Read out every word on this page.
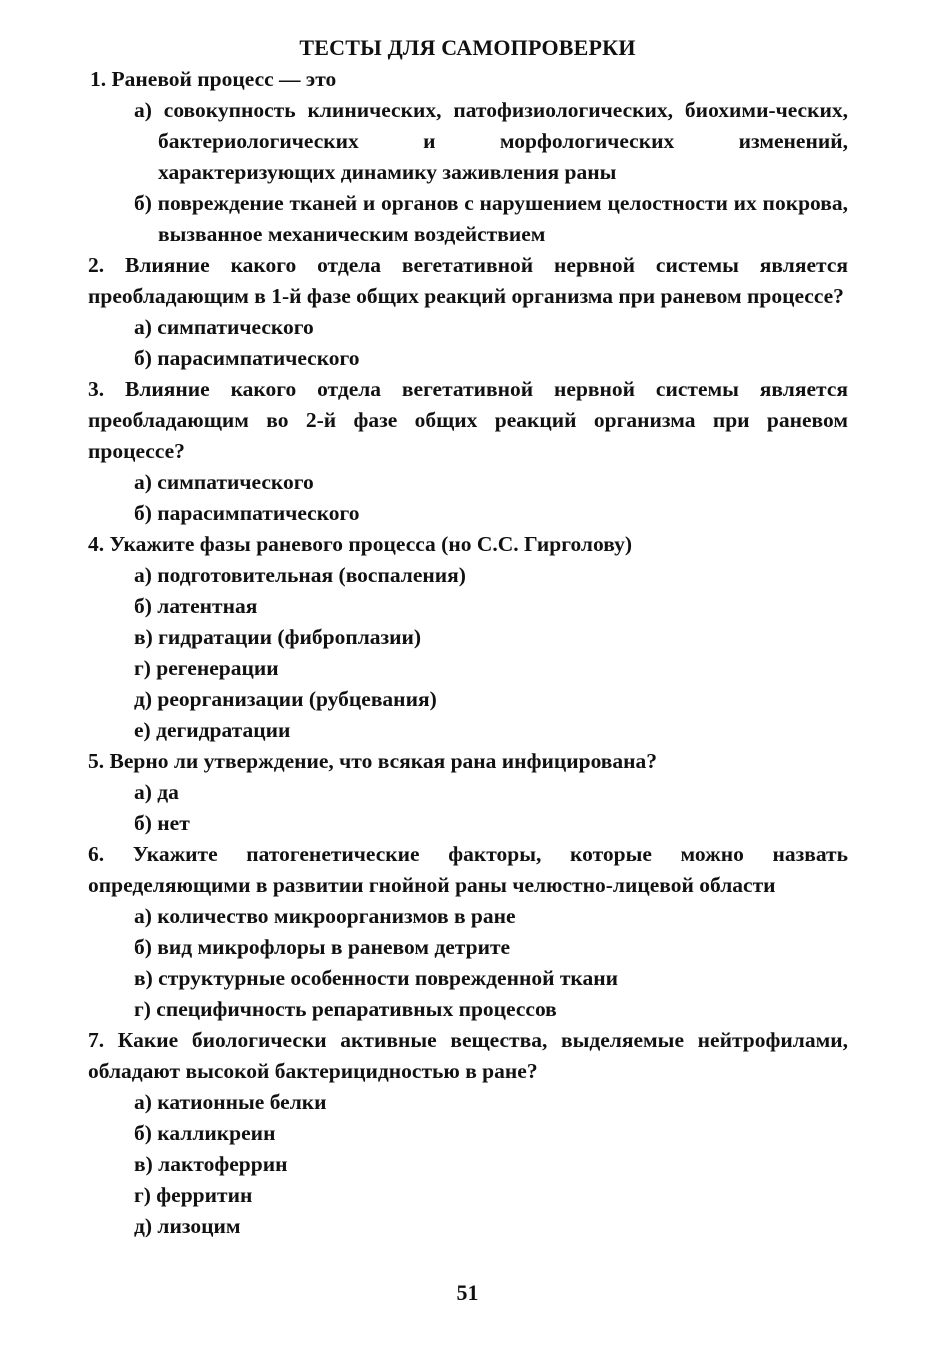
ТЕСТЫ ДЛЯ САМОПРОВЕРКИ
1. Раневой процесс — это
а) совокупность клинических, патофизиологических, биохими-ческих, бактериологических и морфологических изменений, характеризующих динамику заживления раны
б) повреждение тканей и органов с нарушением целостности их покрова, вызванное механическим воздействием
2. Влияние какого отдела вегетативной нервной системы является преобладающим в 1-й фазе общих реакций организма при раневом процессе?
а) симпатического
б) парасимпатического
3. Влияние какого отдела вегетативной нервной системы является преобладающим во 2-й фазе общих реакций организма при раневом процессе?
а) симпатического
б) парасимпатического
4. Укажите фазы раневого процесса (но С.С. Гирголову)
а) подготовительная (воспаления)
б) латентная
в) гидратации (фиброплазии)
г) регенерации
д) реорганизации (рубцевания)
е) дегидратации
5. Верно ли утверждение, что всякая рана инфицирована?
а) да
б) нет
6. Укажите патогенетические факторы, которые можно назвать определяющими в развитии гнойной раны челюстно-лицевой области
а) количество микроорганизмов в ране
б) вид микрофлоры в раневом детрите
в) структурные особенности поврежденной ткани
г) специфичность репаративных процессов
7. Какие биологически активные вещества, выделяемые нейтрофилами, обладают высокой бактерицидностью в ране?
а) катионные белки
б) калликреин
в) лактоферрин
г) ферритин
д) лизоцим
51
